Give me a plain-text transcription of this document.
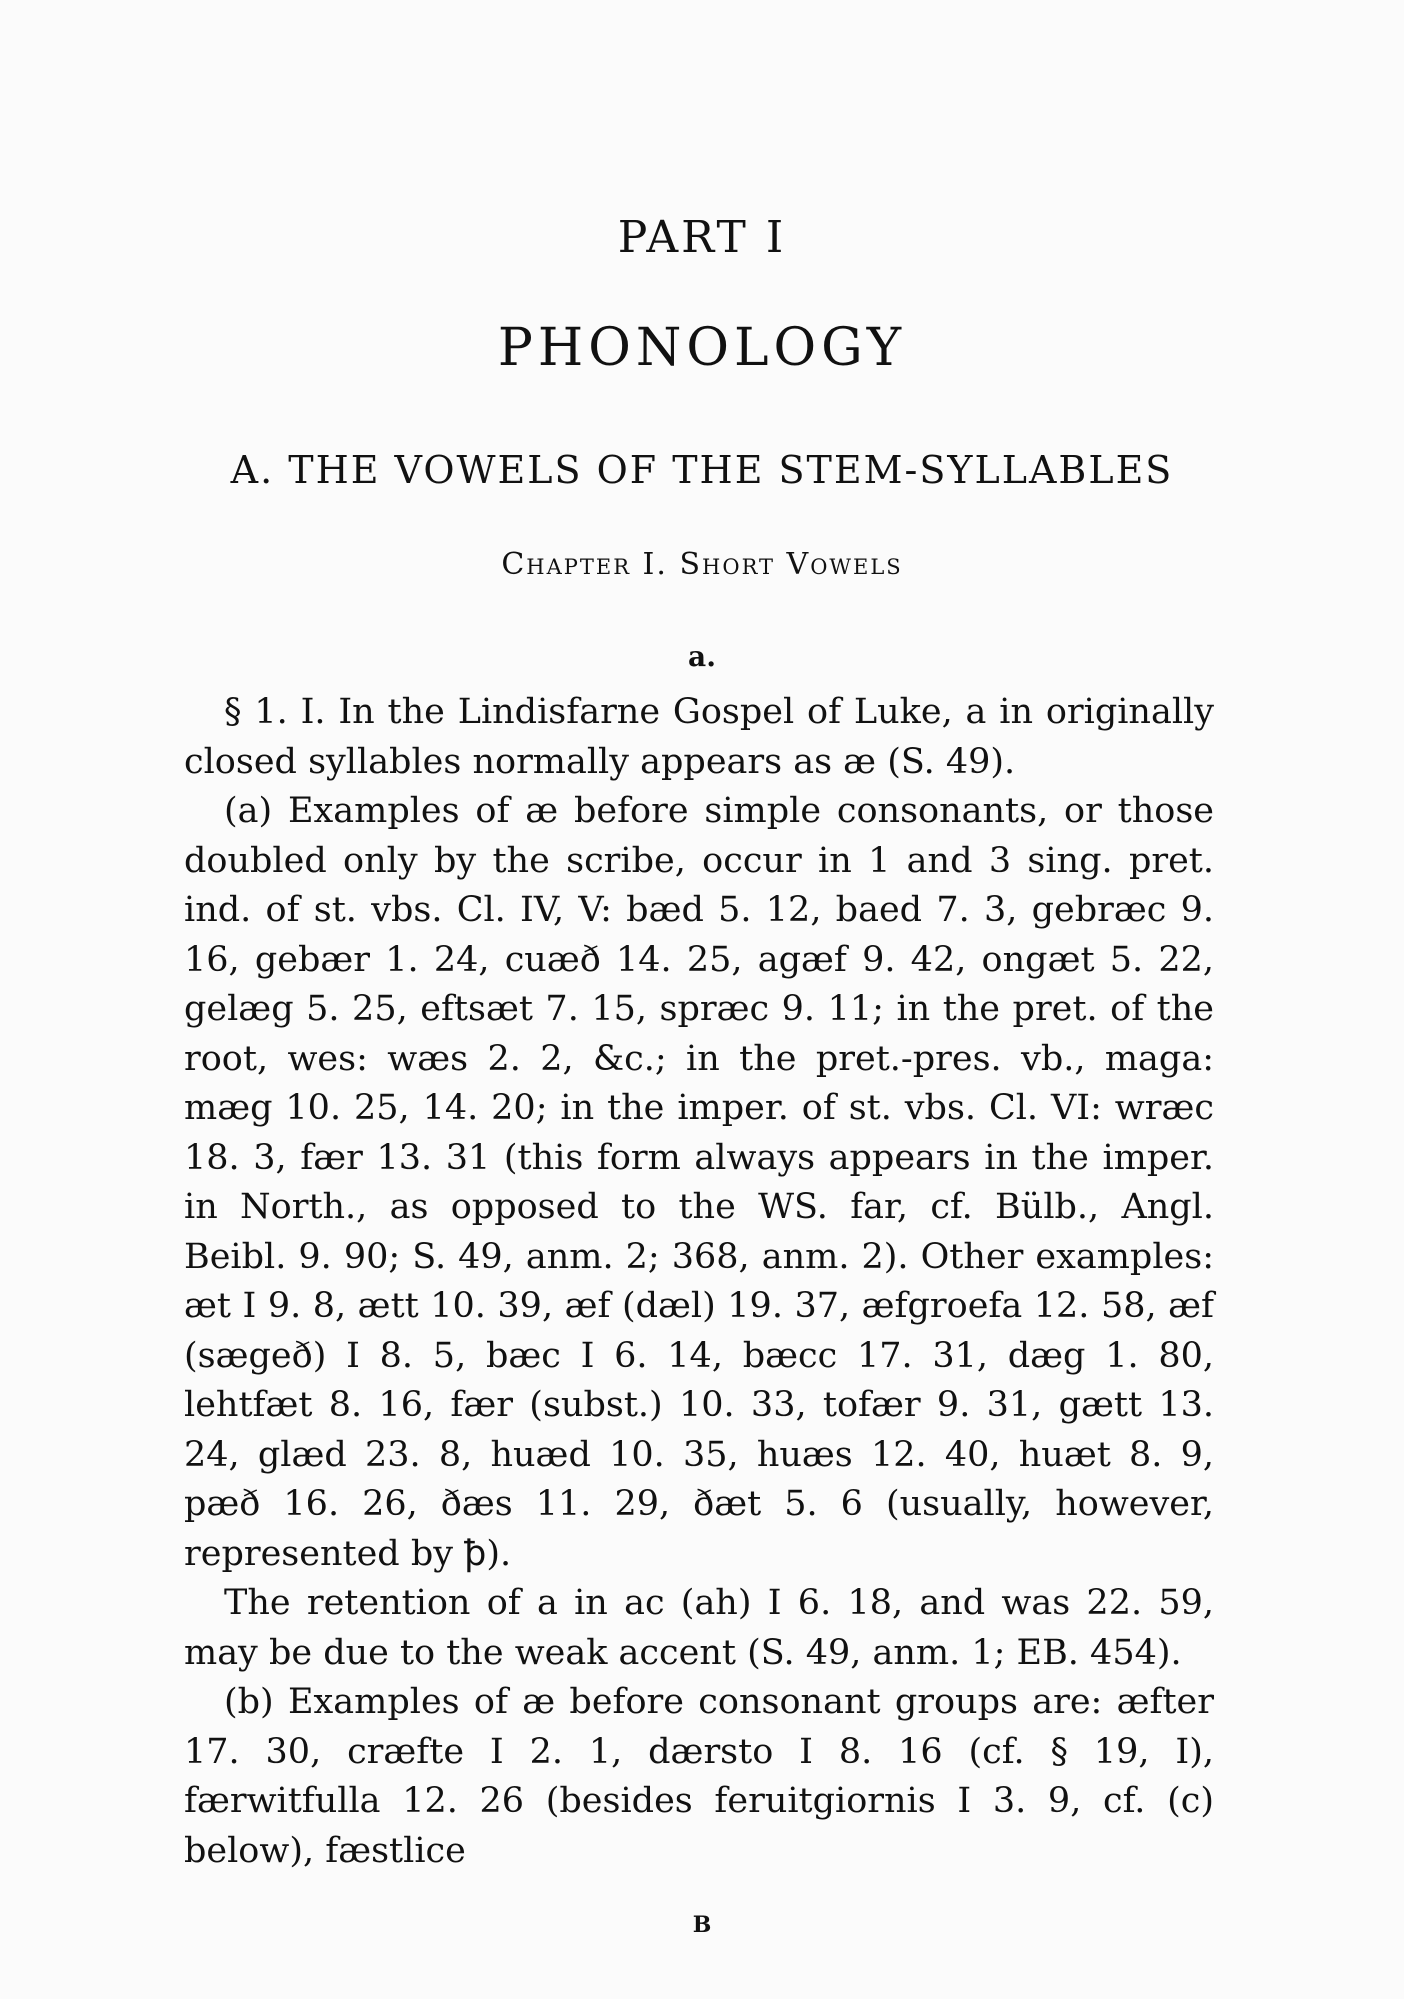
PART I
PHONOLOGY
A. THE VOWELS OF THE STEM-SYLLABLES
Chapter I. Short Vowels
a.

§ 1. I. In the Lindisfarne Gospel of Luke, a in originally closed syllables normally appears as æ (S. 49).

(a) Examples of æ before simple consonants, or those doubled only by the scribe, occur in 1 and 3 sing. pret. ind. of st. vbs. Cl. IV, V: bæd 5. 12, baed 7. 3, gebræc 9. 16, gebær 1. 24, cuæð 14. 25, agæf 9. 42, ongæt 5. 22, gelæg 5. 25, eftsæt 7. 15, spræc 9. 11; in the pret. of the root, wes: wæs 2. 2, &c.; in the pret.-pres. vb., maga: mæg 10. 25, 14. 20; in the imper. of st. vbs. Cl. VI: wræc 18. 3, fær 13. 31 (this form always appears in the imper. in North., as opposed to the WS. far, cf. Bülb., Angl. Beibl. 9. 90; S. 49, anm. 2; 368, anm. 2). Other examples: æt I 9. 8, ætt 10. 39, æf (dæl) 19. 37, æfgroefa 12. 58, æf (sægeð) I 8. 5, bæc I 6. 14, bæcc 17. 31, dæg 1. 80, lehtfæt 8. 16, fær (subst.) 10. 33, tofær 9. 31, gætt 13. 24, glæd 23. 8, huæd 10. 35, huæs 12. 40, huæt 8. 9, pæð 16. 26, ðæs 11. 29, ðæt 5. 6 (usually, however, represented by ꝥ).

The retention of a in ac (ah) I 6. 18, and was 22. 59, may be due to the weak accent (S. 49, anm. 1; EB. 454).

(b) Examples of æ before consonant groups are: æfter 17. 30, cræfte I 2. 1, dærsto I 8. 16 (cf. § 19, I), færwitfulla 12. 26 (besides feruitgiornis I 3. 9, cf. (c) below), fæstlice

B
